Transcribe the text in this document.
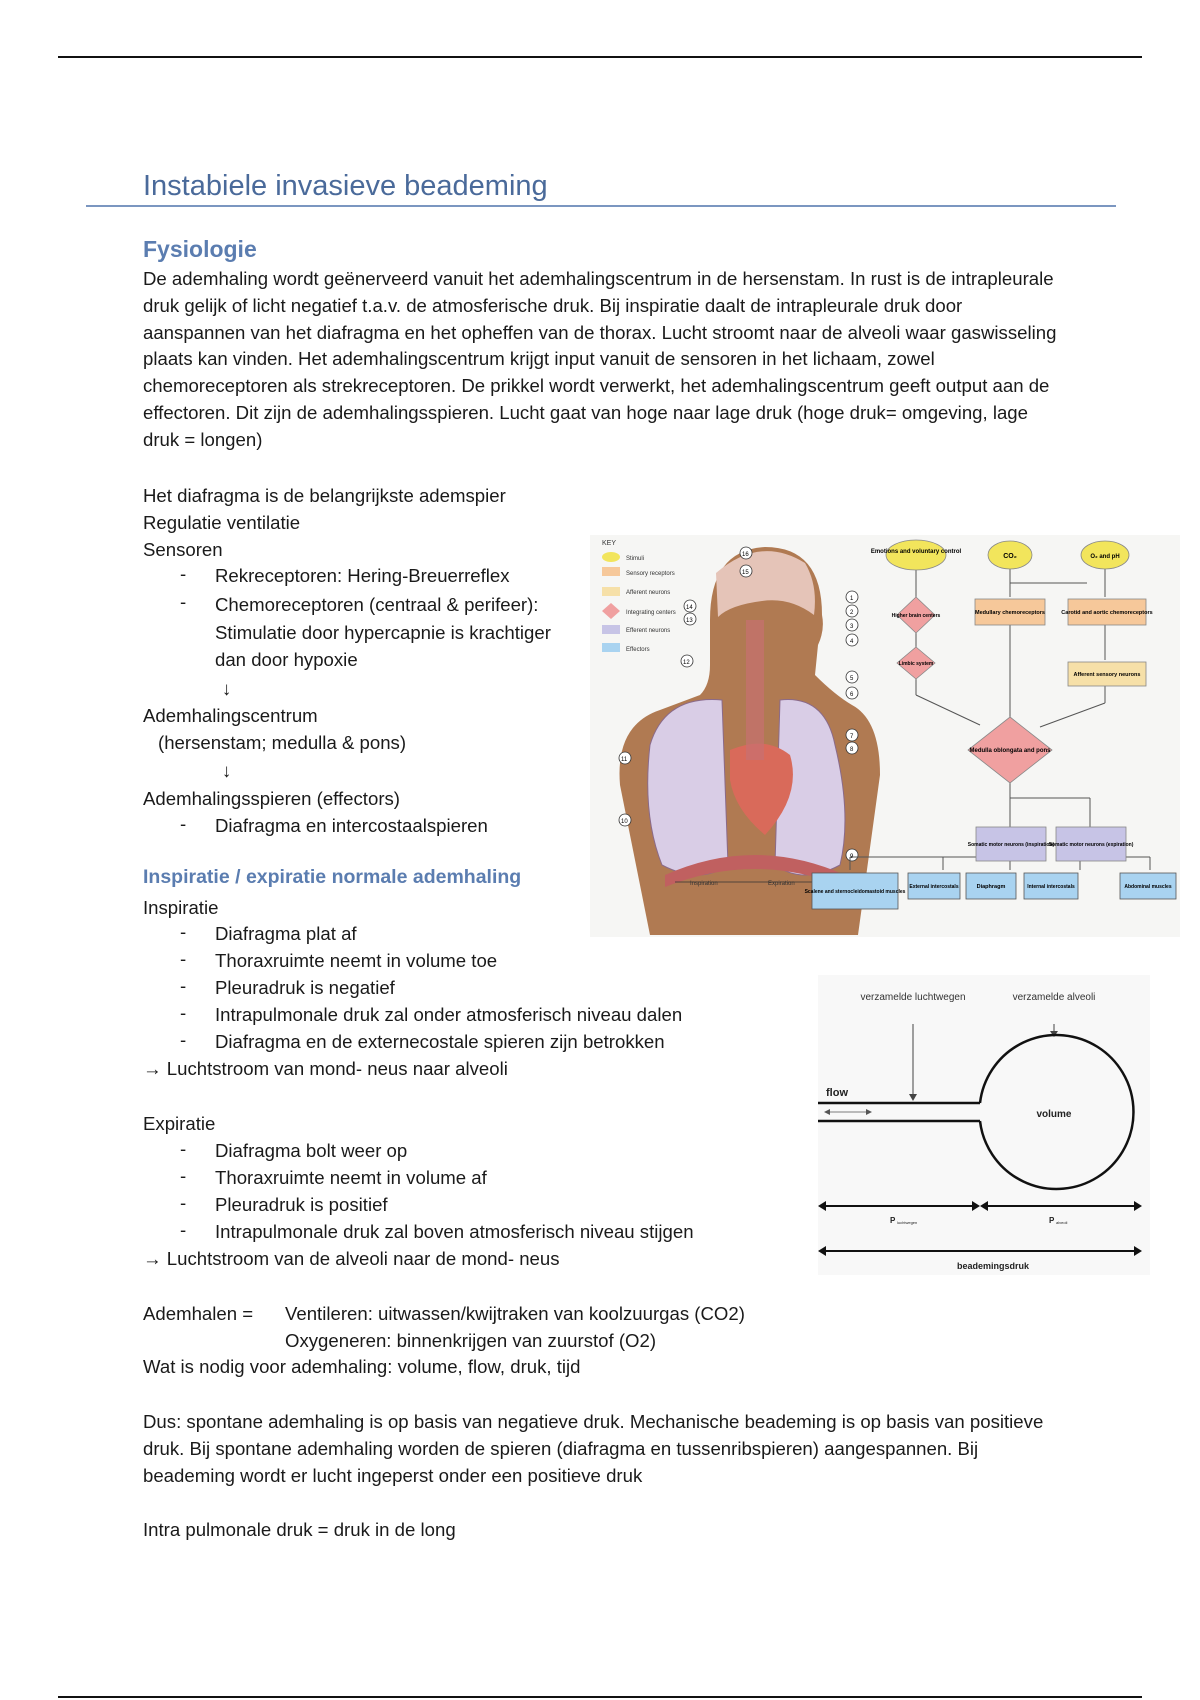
Instabiele invasieve beademing
Fysiologie

De ademhaling wordt geënerveerd vanuit het ademhalingscentrum in de hersenstam. In rust is de intrapleurale druk gelijk of licht negatief t.a.v. de atmosferische druk. Bij inspiratie daalt de intrapleurale druk door aanspannen van het diafragma en het opheffen van de thorax. Lucht stroomt naar de alveoli waar gaswisseling plaats kan vinden. Het ademhalingscentrum krijgt input vanuit de sensoren in het lichaam, zowel chemoreceptoren als strekreceptoren. De prikkel wordt verwerkt, het ademhalingscentrum geeft output aan de effectoren. Dit zijn de ademhalingsspieren. Lucht gaat van hoge naar lage druk (hoge druk= omgeving, lage druk = longen)

Het diafragma is de belangrijkste ademspier
Regulatie ventilatie
Sensoren
- Rekreceptoren: Hering-Breuerreflex
- Chemoreceptoren (centraal & perifeer): Stimulatie door hypercapnie is krachtiger dan door hypoxie
↓
Ademhalingscentrum
(hersenstam; medulla & pons)
↓
Ademhalingsspieren (effectors)
- Diafragma en intercostaalspieren
Inspiratie / expiratie normale ademhaling
Inspiratie
- Diafragma plat af
- Thoraxruimte neemt in volume toe
- Pleuradruk is negatief
- Intrapulmonale druk zal onder atmosferisch niveau dalen
- Diafragma en de externecostale spieren zijn betrokken
→ Luchtstroom van mond- neus naar alveoli
Expiratie
- Diafragma bolt weer op
- Thoraxruimte neemt in volume af
- Pleuradruk is positief
- Intrapulmonale druk zal boven atmosferisch niveau stijgen
→ Luchtstroom van de alveoli naar de mond- neus
Ademhalen = Ventileren: uitwassen/kwijtraken van koolzuurgas (CO2)
Oxygeneren: binnenkrijgen van zuurstof (O2)
Wat is nodig voor ademhaling: volume, flow, druk, tijd

Dus: spontane ademhaling is op basis van negatieve druk. Mechanische beademing is op basis van positieve druk. Bij spontane ademhaling worden de spieren (diafragma en tussenribspieren) aangespannen. Bij beademing wordt er lucht ingeperst onder een positieve druk

Intra pulmonale druk = druk in de long
KEY
Stimuli
Sensory receptors
Afferent neurons
Integrating centers
Efferent neurons
Effectors
16
15
14
13
12
11
10
9
8
7
6
5
4
3
2
1
Inspiration	Expiration
Emotions and voluntary control
CO₂	O₂ and pH
Higher brain centers
Limbic system
Medullary chemoreceptors	Carotid and aortic chemoreceptors
Afferent sensory neurons
Medulla oblongata and pons
Somatic motor neurons (inspiration)
Somatic motor neurons (expiration)
Scalene and sternocleidomastoid muscles
External intercostals	Diaphragm	Internal intercostals	Abdominal muscles
verzamelde luchtwegen	verzamelde alveoli
flow
volume
P luchtwegen	P alveoli
beademingsdruk
